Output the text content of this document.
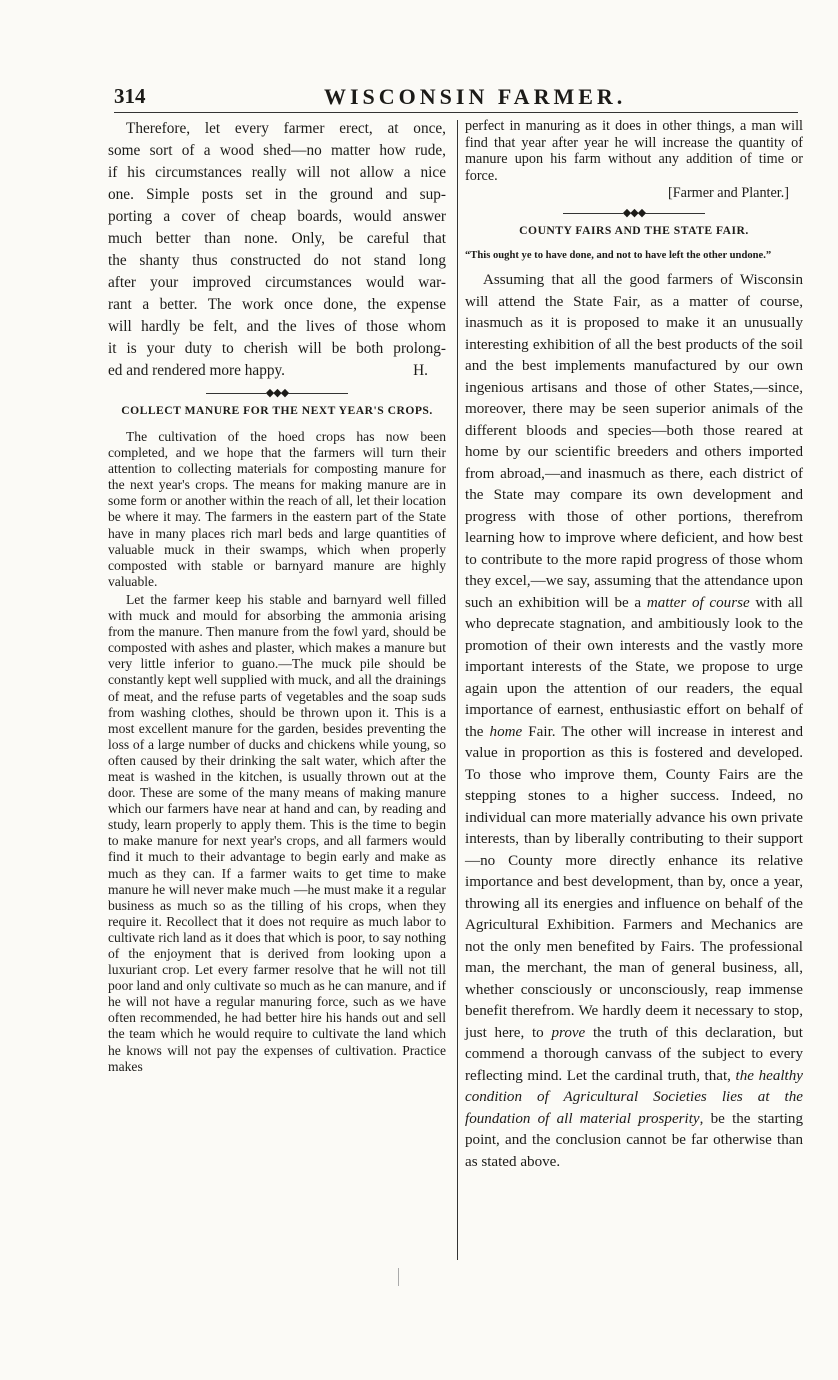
314	WISCONSIN FARMER.
Therefore, let every farmer erect, at once,
some sort of a wood shed—no matter how rude,
if his circumstances really will not allow a nice
one. Simple posts set in the ground and sup-
porting a cover of cheap boards, would answer
much better than none. Only, be careful that
the shanty thus constructed do not stand long
after your improved circumstances would war-
rant a better. The work once done, the expense
will hardly be felt, and the lives of those whom
it is your duty to cherish will be both prolong-
ed and rendered more happy.	H.
◆◆◆
COLLECT MANURE FOR THE NEXT YEAR'S CROPS.

The cultivation of the hoed crops has now been completed, and we hope that the farmers will turn their attention to collecting materials for composting manure for the next year's crops. The means for making manure are in some form or another within the reach of all, let their location be where it may. The farmers in the eastern part of the State have in many places rich marl beds and large quantities of valuable muck in their swamps, which when properly composted with stable or barnyard manure are highly valuable.

Let the farmer keep his stable and barnyard well filled with muck and mould for absorbing the ammonia arising from the manure. Then manure from the fowl yard, should be composted with ashes and plaster, which makes a manure but very little inferior to guano.—The muck pile should be constantly kept well supplied with muck, and all the drainings of meat, and the refuse parts of vegetables and the soap suds from washing clothes, should be thrown upon it. This is a most excellent manure for the garden, besides preventing the loss of a large number of ducks and chickens while young, so often caused by their drinking the salt water, which after the meat is washed in the kitchen, is usually thrown out at the door. These are some of the many means of making manure which our farmers have near at hand and can, by reading and study, learn properly to apply them. This is the time to begin to make manure for next year's crops, and all farmers would find it much to their advantage to begin early and make as much as they can. If a farmer waits to get time to make manure he will never make much —he must make it a regular business as much so as the tilling of his crops, when they require it. Recollect that it does not require as much labor to cultivate rich land as it does that which is poor, to say nothing of the enjoyment that is derived from looking upon a luxuriant crop. Let every farmer resolve that he will not till poor land and only cultivate so much as he can manure, and if he will not have a regular manuring force, such as we have often recommended, he had better hire his hands out and sell the team which he would require to cultivate the land which he knows will not pay the expenses of cultivation. Practice makes

perfect in manuring as it does in other things, a man will find that year after year he will increase the quantity of manure upon his farm without any addition of time or force.

[Farmer and Planter.]
◆◆◆
COUNTY FAIRS AND THE STATE FAIR.

“This ought ye to have done, and not to have left the other undone.”

Assuming that all the good farmers of Wisconsin will attend the State Fair, as a matter of course, inasmuch as it is proposed to make it an unusually interesting exhibition of all the best products of the soil and the best implements manufactured by our own ingenious artisans and those of other States,—since, moreover, there may be seen superior animals of the different bloods and species—both those reared at home by our scientific breeders and others imported from abroad,—and inasmuch as there, each district of the State may compare its own development and progress with those of other portions, therefrom learning how to improve where deficient, and how best to contribute to the more rapid progress of those whom they excel,—we say, assuming that the attendance upon such an exhibition will be a matter of course with all who deprecate stagnation, and ambitiously look to the promotion of their own interests and the vastly more important interests of the State, we propose to urge again upon the attention of our readers, the equal importance of earnest, enthusiastic effort on behalf of the home Fair. The other will increase in interest and value in proportion as this is fostered and developed. To those who improve them, County Fairs are the stepping stones to a higher success. Indeed, no individual can more materially advance his own private interests, than by liberally contributing to their support—no County more directly enhance its relative importance and best development, than by, once a year, throwing all its energies and influence on behalf of the Agricultural Exhibition. Farmers and Mechanics are not the only men benefited by Fairs. The professional man, the merchant, the man of general business, all, whether consciously or unconsciously, reap immense benefit therefrom. We hardly deem it necessary to stop, just here, to prove the truth of this declaration, but commend a thorough canvass of the subject to every reflecting mind. Let the cardinal truth, that, the healthy condition of Agricultural Societies lies at the foundation of all material prosperity, be the starting point, and the conclusion cannot be far otherwise than as stated above.
